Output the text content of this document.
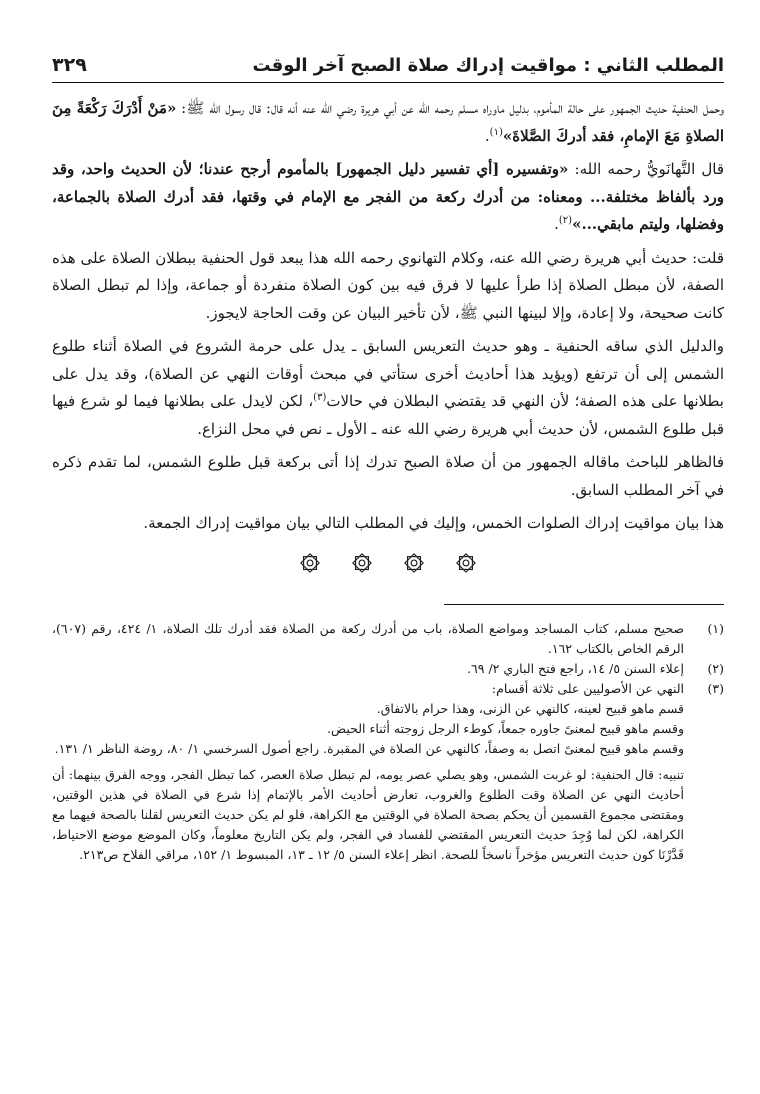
المطلب الثاني : مواقيت إدراك صلاة الصبح آخر الوقت
٣٢٩

وحمل الحنفية حديث الجمهور على حالة المأموم، بدليل ماوراه مسلم رحمه الله عن أبي هريرة رضي الله عنه أنه قال: قال رسول الله ﷺ: «مَنْ أَدْرَكَ رَكْعَةً مِنَ الصلاةِ مَعَ الإمامِ، فقد أدركَ الصَّلاةَ»$^{(١)}$.

قال التَّهانَويُّ رحمه الله: «وتفسيره [أي تفسير دليل الجمهور] بالمأموم أرجح عندنا؛ لأن الحديث واحد، وقد ورد بألفاظ مختلفة... ومعناه: من أدرك ركعة من الفجر مع الإمام في وقتها، فقد أدرك الصلاة بالجماعة، وفضلها، وليتم مابقي...»$^{(٢)}$.

قلت: حديث أبي هريرة رضي الله عنه، وكلام التهانوي رحمه الله هذا يبعد قول الحنفية ببطلان الصلاة على هذه الصفة، لأن مبطل الصلاة إذا طرأ عليها لا فرق فيه بين كون الصلاة منفردة أو جماعة، وإذا لم تبطل الصلاة كانت صحيحة، ولا إعادة، وإلا لبينها النبي ﷺ، لأن تأخير البيان عن وقت الحاجة لايجوز.

والدليل الذي ساقه الحنفية ـ وهو حديث التعريس السابق ـ يدل على حرمة الشروع في الصلاة أثناء طلوع الشمس إلى أن ترتفع (ويؤيد هذا أحاديث أخرى ستأتي في مبحث أوقات النهي عن الصلاة)، وقد يدل على بطلانها على هذه الصفة؛ لأن النهي قد يقتضي البطلان في حالات$^{(٣)}$، لكن لايدل على بطلانها فيما لو شرع فيها قبل طلوع الشمس، لأن حديث أبي هريرة رضي الله عنه ـ الأول ـ نص في محل النزاع.

فالظاهر للباحث ماقاله الجمهور من أن صلاة الصبح تدرك إذا أتى بركعة قبل طلوع الشمس، لما تقدم ذكره في آخر المطلب السابق.

هذا بيان مواقيت إدراك الصلوات الخمس، وإليك في المطلب التالي بيان مواقيت إدراك الجمعة.

(١)
صحيح مسلم، كتاب المساجد ومواضع الصلاة، باب من أدرك ركعة من الصلاة فقد أدرك تلك الصلاة، ١/ ٤٢٤، رقم (٦٠٧)، الرقم الخاص بالكتاب ١٦٢.
(٢)
إعلاء السنن ٥/ ١٤، راجع فتح الباري ٢/ ٦٩.
(٣)
النهي عن الأصوليين على ثلاثة أقسام:
قسم ماهو قبيح لعينه، كالنهي عن الزنى، وهذا حرام بالاتفاق.
وقسم ماهو قبيح لمعنىً جاوره جمعاً، كوطء الرجل زوجته أثناء الحيض.
وقسم ماهو قبيح لمعنىً اتصل به وصفاً، كالنهي عن الصلاة في المقبرة. راجع أصول السرخسي ١/ ٨٠، روضة الناظر ١/ ١٣١.
تنبيه: قال الحنفية: لو غربت الشمس، وهو يصلي عصر يومه، لم تبطل صلاة العصر، كما تبطل الفجر، ووجه الفرق بينهما: أن أحاديث النهي عن الصلاة وقت الطلوع والغروب، تعارض أحاديث الأمر بالإتمام إذا شرع في الصلاة في هذين الوقتين، ومقتضى مجموع القسمين أن يحكم بصحة الصلاة في الوقتين مع الكراهة، فلو لم يكن حديث التعريس لقلنا بالصحة فيهما مع الكراهة، لكن لما وُجِدَ حديث التعريس المقتضي للفساد في الفجر، ولم يكن التاريخ معلوماً، وكان الموضع موضع الاحتياط، قَدَّرْنَا كون حديث التعريس مؤخراً ناسخاً للصحة. انظر إعلاء السنن ٥/ ١٢ ـ ١٣، المبسوط ١/ ١٥٢، مراقي الفلاح ص٢١٣.
